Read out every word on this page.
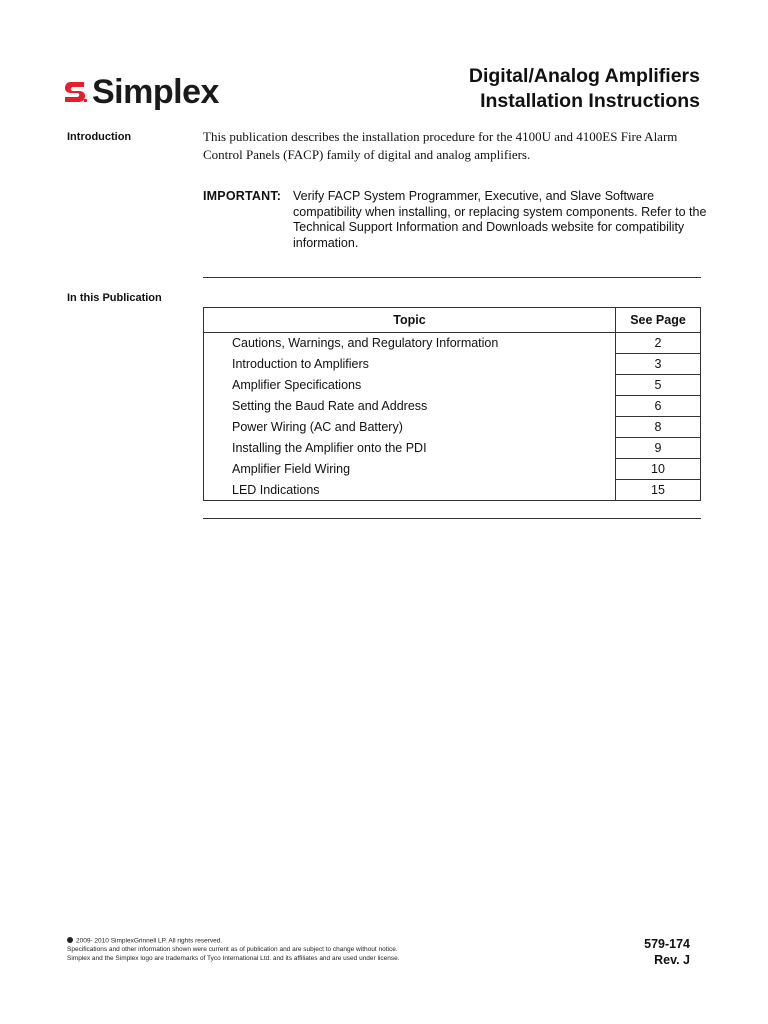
Simplex	Digital/Analog Amplifiers
Installation Instructions
Introduction	This publication describes the installation procedure for the 4100U and 4100ES Fire Alarm Control Panels (FACP) family of digital and analog amplifiers.
IMPORTANT: Verify FACP System Programmer, Executive, and Slave Software compatibility when installing, or replacing system components. Refer to the Technical Support Information and Downloads website for compatibility information.
In this Publication
Topic	See Page
Cautions, Warnings, and Regulatory Information	2
Introduction to Amplifiers	3
Amplifier Specifications	5
Setting the Baud Rate and Address	6
Power Wiring (AC and Battery)	8
Installing the Amplifier onto the PDI	9
Amplifier Field Wiring	10
LED Indications	15
2009- 2010 SimplexGrinnell LP. All rights reserved.
Specifications and other information shown were current as of publication and are subject to change without notice.
Simplex and the Simplex logo are trademarks of Tyco International Ltd. and its affiliates and are used under license.
579-174
Rev. J
